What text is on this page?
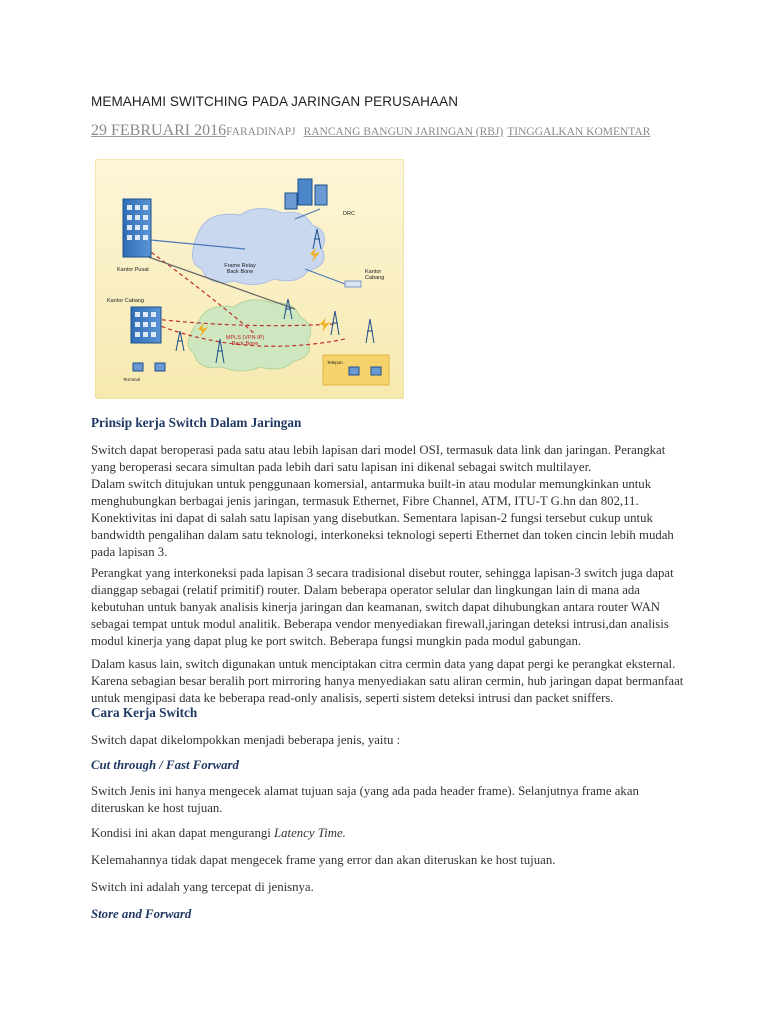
MEMAHAMI SWITCHING PADA JARINGAN PERUSAHAAN
29 FEBRUARI 2016FARADINAPJ RANCANG BANGUN JARINGAN (RBJ) TINGGALKAN KOMENTAR
Kantor Pusat
Kantor Cabang
DRC
Frame Relay Back Bone
MPLS (VPN IP) Back Bone
Kantor Cabang
Terminal
Telepon
Prinsip kerja Switch Dalam Jaringan
Switch dapat beroperasi pada satu atau lebih lapisan dari model OSI, termasuk data link dan jaringan. Perangkat
yang beroperasi secara simultan pada lebih dari satu lapisan ini dikenal sebagai switch multilayer.
Dalam switch ditujukan untuk penggunaan komersial, antarmuka built-in atau modular memungkinkan untuk
menghubungkan berbagai jenis jaringan, termasuk Ethernet, Fibre Channel, ATM, ITU-T G.hn dan 802,11.
Konektivitas ini dapat di salah satu lapisan yang disebutkan. Sementara lapisan-2 fungsi tersebut cukup untuk
bandwidth pengalihan dalam satu teknologi, interkoneksi teknologi seperti Ethernet dan token cincin lebih mudah
pada lapisan 3.
Perangkat yang interkoneksi pada lapisan 3 secara tradisional disebut router, sehingga lapisan-3 switch juga dapat
dianggap sebagai (relatif primitif) router. Dalam beberapa operator selular dan lingkungan lain di mana ada
kebutuhan untuk banyak analisis kinerja jaringan dan keamanan, switch dapat dihubungkan antara router WAN
sebagai tempat untuk modul analitik. Beberapa vendor menyediakan firewall,jaringan deteksi intrusi,dan analisis
modul kinerja yang dapat plug ke port switch. Beberapa fungsi mungkin pada modul gabungan.
Dalam kasus lain, switch digunakan untuk menciptakan citra cermin data yang dapat pergi ke perangkat eksternal.
Karena sebagian besar beralih port mirroring hanya menyediakan satu aliran cermin, hub jaringan dapat bermanfaat
untuk mengipasi data ke beberapa read-only analisis, seperti sistem deteksi intrusi dan packet sniffers.
Cara Kerja Switch
Switch dapat dikelompokkan menjadi beberapa jenis, yaitu :
Cut through / Fast Forward
Switch Jenis ini hanya mengecek alamat tujuan saja (yang ada pada header frame). Selanjutnya frame akan
diteruskan ke host tujuan.
Kondisi ini akan dapat mengurangi Latency Time.
Kelemahannya tidak dapat mengecek frame yang error dan akan diteruskan ke host tujuan.
Switch ini adalah yang tercepat di jenisnya.
Store and Forward
